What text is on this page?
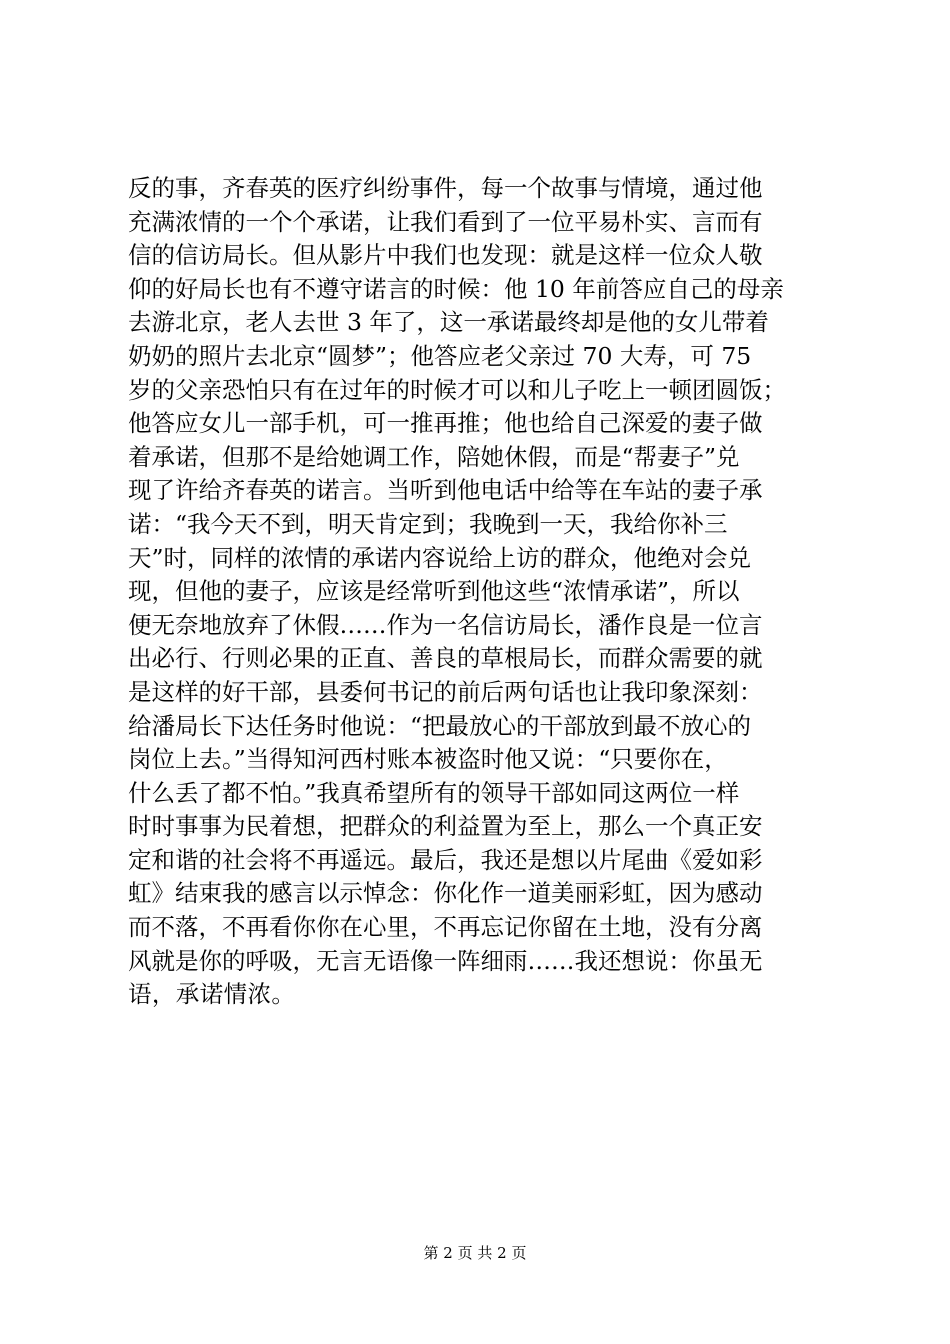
反的事，齐春英的医疗纠纷事件，每一个故事与情境，通过他
充满浓情的一个个承诺，让我们看到了一位平易朴实、言而有
信的信访局长。但从影片中我们也发现：就是这样一位众人敬
仰的好局长也有不遵守诺言的时候：他 10 年前答应自己的母亲
去游北京，老人去世 3 年了，这一承诺最终却是他的女儿带着
奶奶的照片去北京“圆梦”；他答应老父亲过 70 大寿，可 75
岁的父亲恐怕只有在过年的时候才可以和儿子吃上一顿团圆饭；
他答应女儿一部手机，可一推再推；他也给自己深爱的妻子做
着承诺，但那不是给她调工作，陪她休假，而是“帮妻子”兑
现了许给齐春英的诺言。当听到他电话中给等在车站的妻子承
诺：“我今天不到，明天肯定到；我晚到一天，我给你补三
天”时，同样的浓情的承诺内容说给上访的群众，他绝对会兑
现，但他的妻子，应该是经常听到他这些“浓情承诺”，所以
便无奈地放弃了休假……作为一名信访局长，潘作良是一位言
出必行、行则必果的正直、善良的草根局长，而群众需要的就
是这样的好干部，县委何书记的前后两句话也让我印象深刻：
给潘局长下达任务时他说：“把最放心的干部放到最不放心的
岗位上去。”当得知河西村账本被盗时他又说：“只要你在，
什么丢了都不怕。”我真希望所有的领导干部如同这两位一样
时时事事为民着想，把群众的利益置为至上，那么一个真正安
定和谐的社会将不再遥远。最后，我还是想以片尾曲《爱如彩
虹》结束我的感言以示悼念：你化作一道美丽彩虹，因为感动
而不落，不再看你你在心里，不再忘记你留在土地，没有分离
风就是你的呼吸，无言无语像一阵细雨……我还想说：你虽无
语，承诺情浓。
第 2 页 共 2 页
